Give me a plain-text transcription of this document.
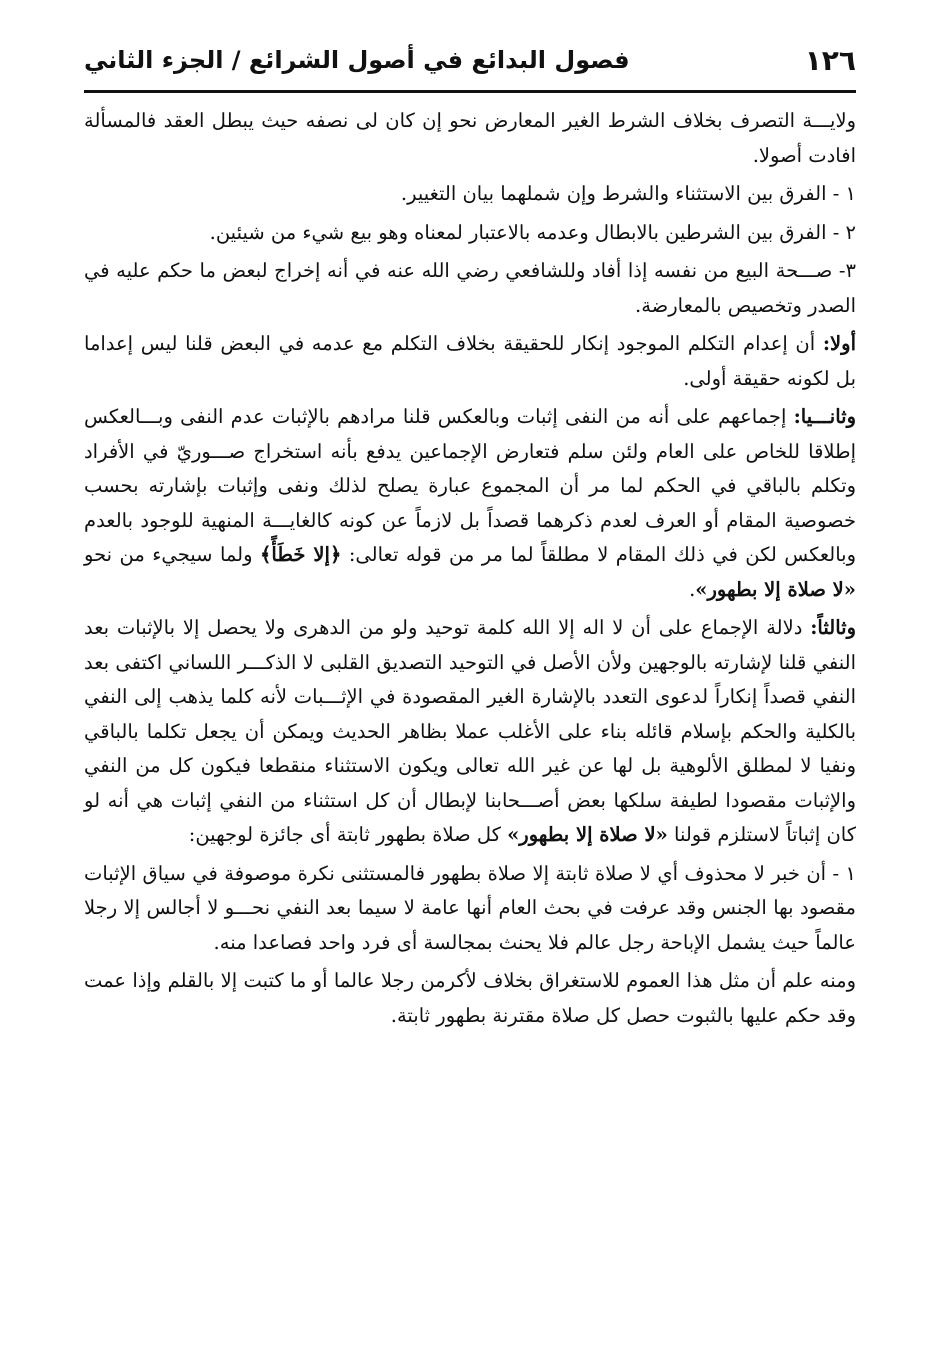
١٢٦
فصول البدائع في أصول الشرائع / الجزء الثاني

ولايـــة التصرف بخلاف الشرط الغير المعارض نحو إن كان لى نصفه حيث يبطل العقد فالمسألة افادت أصولا.

١ - الفرق بين الاستثناء والشرط وإن شملهما بيان التغيير.

٢ - الفرق بين الشرطين بالابطال وعدمه بالاعتبار لمعناه وهو بيع شيء من شيئين.

٣- صـــحة البيع من نفسه إذا أفاد وللشافعي رضي الله عنه في أنه إخراج لبعض ما حكم عليه في الصدر وتخصيص بالمعارضة.

أولا: أن إعدام التكلم الموجود إنكار للحقيقة بخلاف التكلم مع عدمه في البعض قلنا ليس إعداما بل لكونه حقيقة أولى.

وثانـــيا: إجماعهم على أنه من النفى إثبات وبالعكس قلنا مرادهم بالإثبات عدم النفى وبـــالعكس إطلاقا للخاص على العام ولئن سلم فتعارض الإجماعين يدفع بأنه استخراج صـــوريّ في الأفراد وتكلم بالباقي في الحكم لما مر أن المجموع عبارة يصلح لذلك ونفى وإثبات بإشارته بحسب خصوصية المقام أو العرف لعدم ذكرهما قصداً بل لازماً عن كونه كالغايـــة المنهية للوجود بالعدم وبالعكس لكن في ذلك المقام لا مطلقاً لما مر من قوله تعالى: ﴿إلا خَطَأً﴾ ولما سيجيء من نحو «لا صلاة إلا بطهور».

وثالثاً: دلالة الإجماع على أن لا اله إلا الله كلمة توحيد ولو من الدهرى ولا يحصل إلا بالإثبات بعد النفي قلنا لإشارته بالوجهين ولأن الأصل في التوحيد التصديق القلبى لا الذكـــر اللساني اكتفى بعد النفي قصداً إنكاراً لدعوى التعدد بالإشارة الغير المقصودة في الإثـــبات لأنه كلما يذهب إلى النفي بالكلية والحكم بإسلام قائله بناء على الأغلب عملا بظاهر الحديث ويمكن أن يجعل تكلما بالباقي ونفيا لا لمطلق الألوهية بل لها عن غير الله تعالى ويكون الاستثناء منقطعا فيكون كل من النفي والإثبات مقصودا لطيفة سلكها بعض أصـــحابنا لإبطال أن كل استثناء من النفي إثبات هي أنه لو كان إثباتاً لاستلزم قولنا «لا صلاة إلا بطهور» كل صلاة بطهور ثابتة أى جائزة لوجهين:

١ - أن خبر لا محذوف أي لا صلاة ثابتة إلا صلاة بطهور فالمستثنى نكرة موصوفة في سياق الإثبات مقصود بها الجنس وقد عرفت في بحث العام أنها عامة لا سيما بعد النفي نحـــو لا أجالس إلا رجلا عالماً حيث يشمل الإباحة رجل عالم فلا يحنث بمجالسة أى فرد واحد فصاعدا منه.

ومنه علم أن مثل هذا العموم للاستغراق بخلاف لأكرمن رجلا عالما أو ما كتبت إلا بالقلم وإذا عمت وقد حكم عليها بالثبوت حصل كل صلاة مقترنة بطهور ثابتة.
